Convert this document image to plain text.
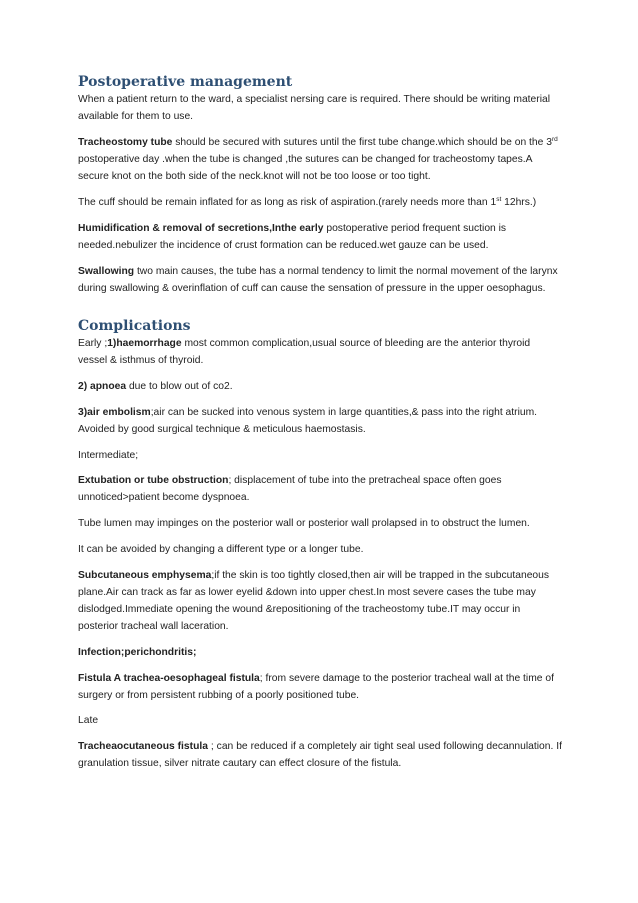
Postoperative management

When a patient return to the ward, a specialist nersing care is required. There should be writing material available for them to use.

Tracheostomy tube should be secured with sutures until the first tube change.which should be on the 3rd postoperative day .when the tube is changed ,the sutures can be changed for tracheostomy tapes.A secure knot on the both side of the neck.knot will not be too loose or too tight.

The cuff should be remain inflated for as long as risk of aspiration.(rarely needs more than 1st 12hrs.)

Humidification & removal of secretions,Inthe early postoperative period frequent suction is needed.nebulizer the incidence of crust formation can be reduced.wet gauze can be used.

Swallowing two main causes, the tube has a normal tendency to limit the normal movement of the larynx during swallowing & overinflation of cuff can cause the sensation of pressure in the upper oesophagus.

Complications

Early ;1)haemorrhage most common complication,usual source of bleeding are the anterior thyroid vessel & isthmus of thyroid.

2) apnoea due to blow out of co2.

3)air embolism;air can be sucked into venous system in large quantities,& pass into the right atrium. Avoided by good surgical technique & meticulous haemostasis.

Intermediate;

Extubation or tube obstruction; displacement of tube into the pretracheal space often goes unnoticed>patient become dyspnoea.

Tube lumen may impinges on the posterior wall or posterior wall prolapsed in to obstruct the lumen.

It can be avoided by changing a different type or a longer tube.

Subcutaneous emphysema;if the skin is too tightly closed,then air will be trapped in the subcutaneous plane.Air can track as far as lower eyelid &down into upper chest.In most severe cases the tube may dislodged.Immediate opening the wound &repositioning of the tracheostomy tube.IT may occur in posterior tracheal wall laceration.

Infection;perichondritis;

Fistula A trachea-oesophageal fistula; from severe damage to the posterior tracheal wall at the time of surgery or from persistent rubbing of a poorly positioned tube.

Late

Tracheaocutaneous fistula ; can be reduced if a completely air tight seal used following decannulation. If granulation tissue, silver nitrate cautary can effect closure of the fistula.
